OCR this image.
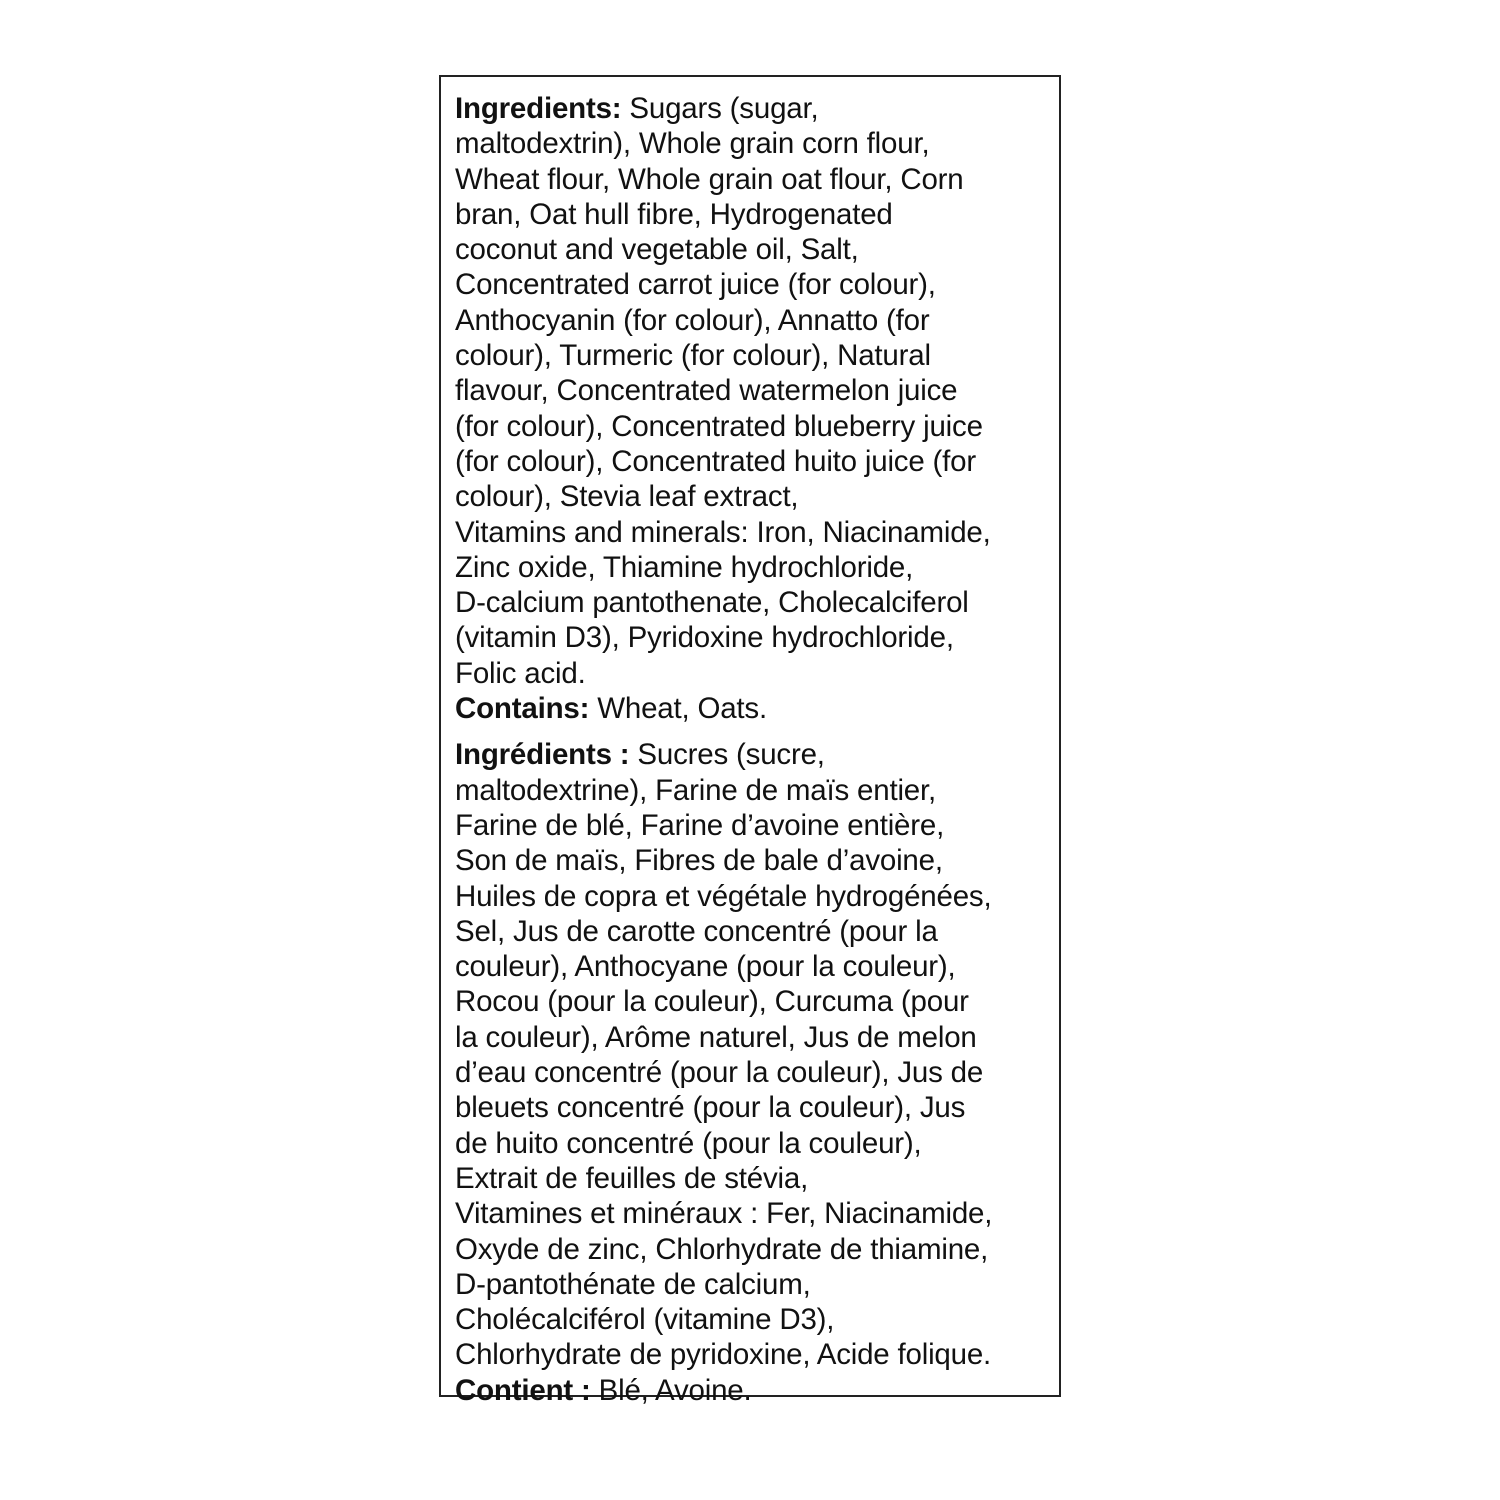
Ingredients: Sugars (sugar,
maltodextrin), Whole grain corn flour,
Wheat flour, Whole grain oat flour, Corn
bran, Oat hull fibre, Hydrogenated
coconut and vegetable oil, Salt,
Concentrated carrot juice (for colour),
Anthocyanin (for colour), Annatto (for
colour), Turmeric (for colour), Natural
flavour, Concentrated watermelon juice
(for colour), Concentrated blueberry juice
(for colour), Concentrated huito juice (for
colour), Stevia leaf extract,
Vitamins and minerals: Iron, Niacinamide,
Zinc oxide, Thiamine hydrochloride,
D-calcium pantothenate, Cholecalciferol
(vitamin D3), Pyridoxine hydrochloride,
Folic acid.
Contains: Wheat, Oats.
Ingrédients : Sucres (sucre,
maltodextrine), Farine de maïs entier,
Farine de blé, Farine d’avoine entière,
Son de maïs, Fibres de bale d’avoine,
Huiles de copra et végétale hydrogénées,
Sel, Jus de carotte concentré (pour la
couleur), Anthocyane (pour la couleur),
Rocou (pour la couleur), Curcuma (pour
la couleur), Arôme naturel, Jus de melon
d’eau concentré (pour la couleur), Jus de
bleuets concentré (pour la couleur), Jus
de huito concentré (pour la couleur),
Extrait de feuilles de stévia,
Vitamines et minéraux : Fer, Niacinamide,
Oxyde de zinc, Chlorhydrate de thiamine,
D-pantothénate de calcium,
Cholécalciférol (vitamine D3),
Chlorhydrate de pyridoxine, Acide folique.
Contient : Blé, Avoine.
